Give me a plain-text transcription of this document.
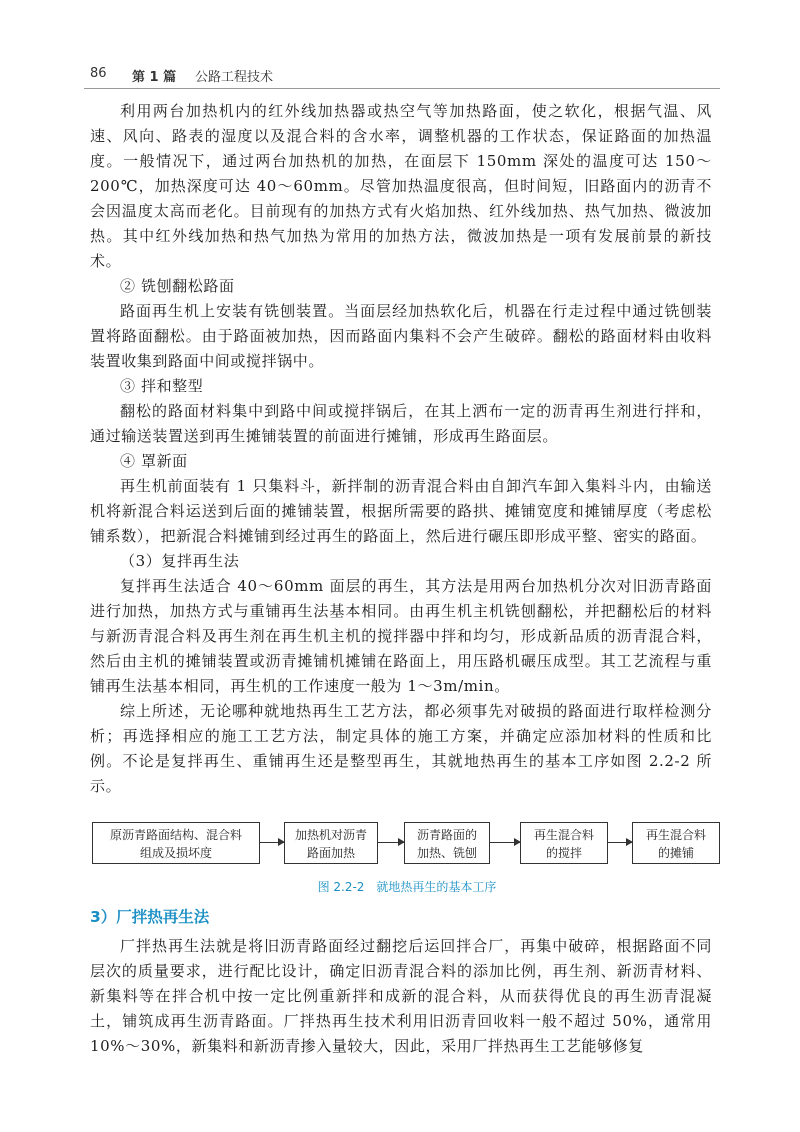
86 第 1 篇 公路工程技术

利用两台加热机内的红外线加热器或热空气等加热路面，使之软化，根据气温、风速、风向、路表的湿度以及混合料的含水率，调整机器的工作状态，保证路面的加热温度。一般情况下，通过两台加热机的加热，在面层下 150mm 深处的温度可达 150～200℃，加热深度可达 40～60mm。尽管加热温度很高，但时间短，旧路面内的沥青不会因温度太高而老化。目前现有的加热方式有火焰加热、红外线加热、热气加热、微波加热。其中红外线加热和热气加热为常用的加热方法，微波加热是一项有发展前景的新技术。

② 铣刨翻松路面

路面再生机上安装有铣刨装置。当面层经加热软化后，机器在行走过程中通过铣刨装置将路面翻松。由于路面被加热，因而路面内集料不会产生破碎。翻松的路面材料由收料装置收集到路面中间或搅拌锅中。

③ 拌和整型

翻松的路面材料集中到路中间或搅拌锅后，在其上洒布一定的沥青再生剂进行拌和，通过输送装置送到再生摊铺装置的前面进行摊铺，形成再生路面层。

④ 罩新面

再生机前面装有 1 只集料斗，新拌制的沥青混合料由自卸汽车卸入集料斗内，由输送机将新混合料运送到后面的摊铺装置，根据所需要的路拱、摊铺宽度和摊铺厚度（考虑松铺系数），把新混合料摊铺到经过再生的路面上，然后进行碾压即形成平整、密实的路面。

（3）复拌再生法

复拌再生法适合 40～60mm 面层的再生，其方法是用两台加热机分次对旧沥青路面进行加热，加热方式与重铺再生法基本相同。由再生机主机铣刨翻松，并把翻松后的材料与新沥青混合料及再生剂在再生机主机的搅拌器中拌和均匀，形成新品质的沥青混合料，然后由主机的摊铺装置或沥青摊铺机摊铺在路面上，用压路机碾压成型。其工艺流程与重铺再生法基本相同，再生机的工作速度一般为 1～3m/min。

综上所述，无论哪种就地热再生工艺方法，都必须事先对破损的路面进行取样检测分析；再选择相应的施工工艺方法，制定具体的施工方案，并确定应添加材料的性质和比例。不论是复拌再生、重铺再生还是整型再生，其就地热再生的基本工序如图 2.2-2 所示。

原沥青路面结构、混合料
组成及损坏度
加热机对沥青
路面加热
沥青路面的
加热、铣刨
再生混合料
的搅拌
再生混合料
的摊铺
图 2.2-2　就地热再生的基本工序
3）厂拌热再生法

厂拌热再生法就是将旧沥青路面经过翻挖后运回拌合厂，再集中破碎，根据路面不同层次的质量要求，进行配比设计，确定旧沥青混合料的添加比例，再生剂、新沥青材料、新集料等在拌合机中按一定比例重新拌和成新的混合料，从而获得优良的再生沥青混凝土，铺筑成再生沥青路面。厂拌热再生技术利用旧沥青回收料一般不超过 50%，通常用 10%～30%，新集料和新沥青掺入量较大，因此，采用厂拌热再生工艺能够修复
